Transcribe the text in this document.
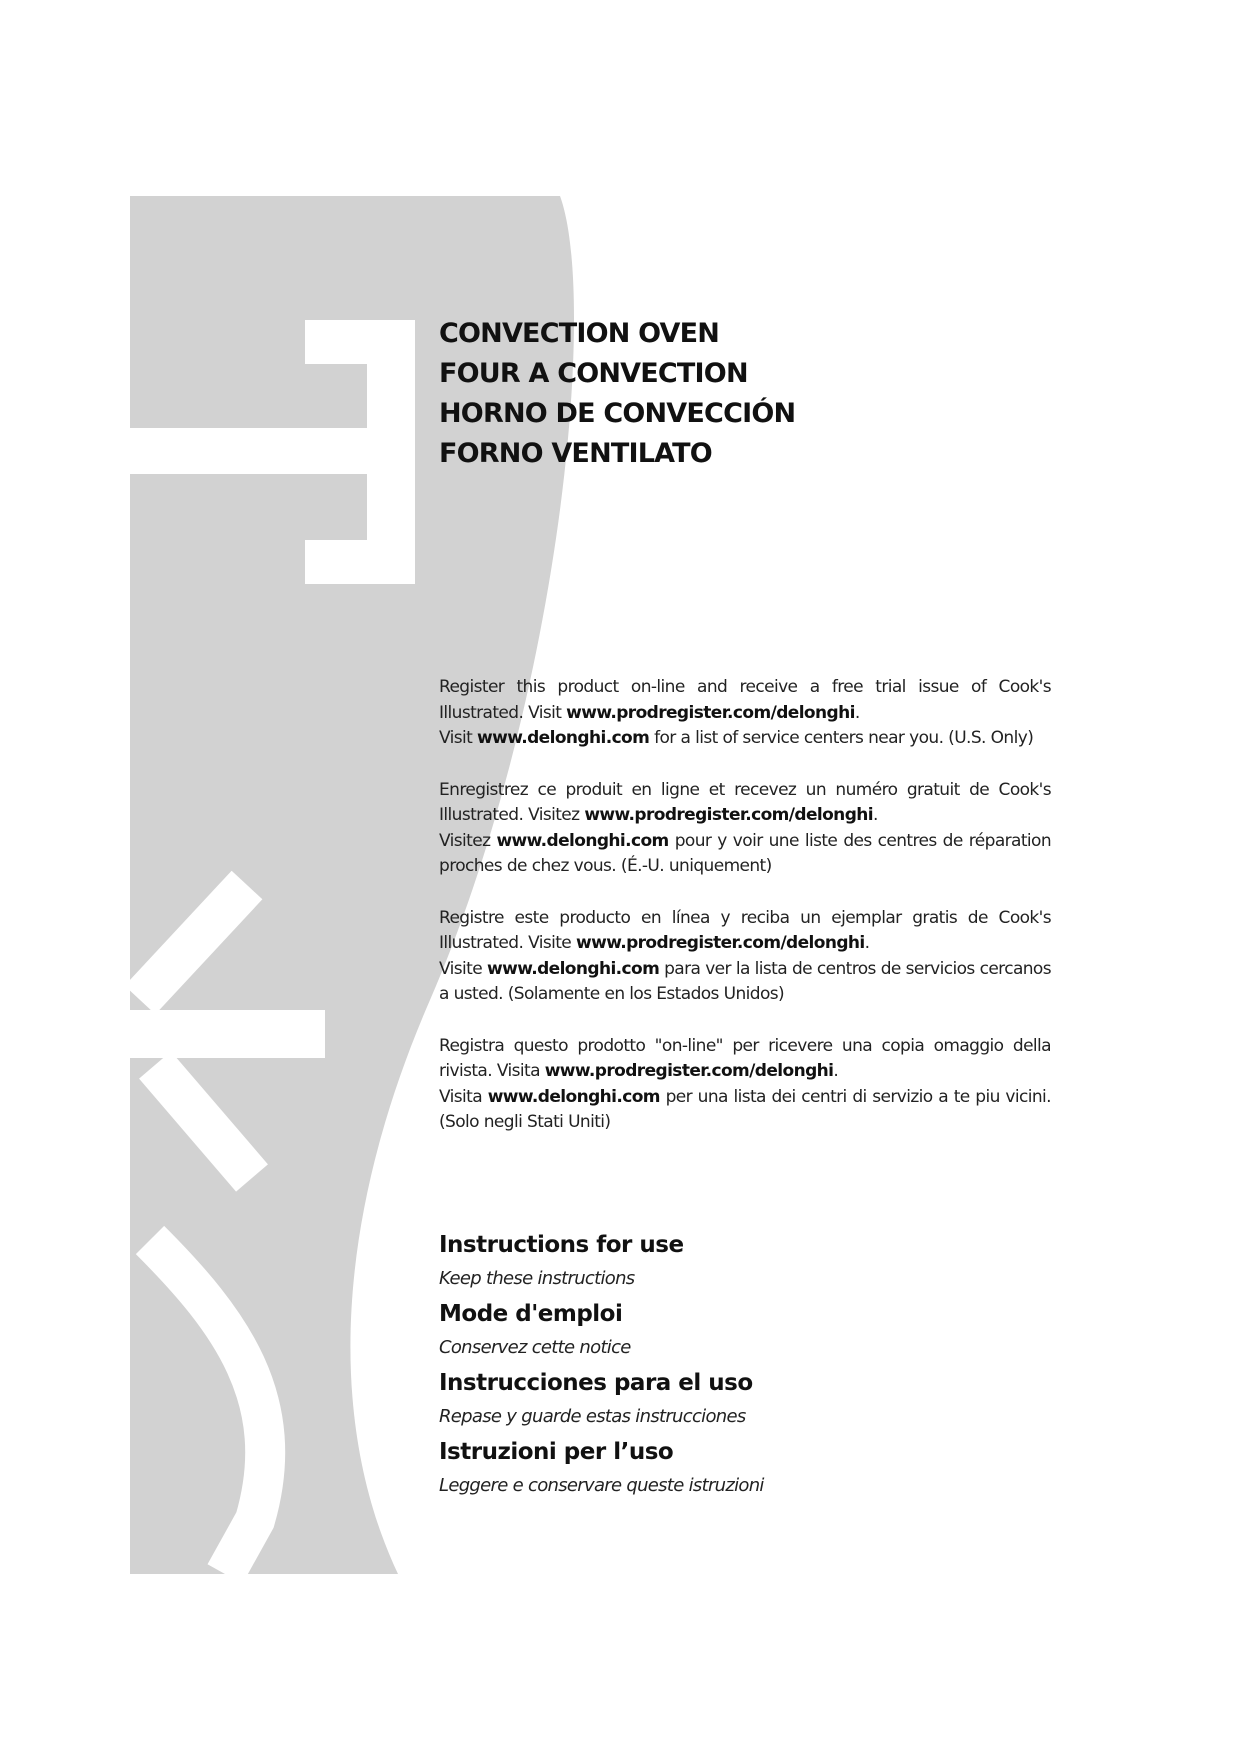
CONVECTION OVEN
FOUR A CONVECTION
HORNO DE CONVECCIÓN
FORNO VENTILATO

Register this product on-line and receive a free trial issue of Cook's
Illustrated. Visit www.prodregister.com/delonghi.
Visit www.delonghi.com for a list of service centers near you. (U.S. Only)

Enregistrez ce produit en ligne et recevez un numéro gratuit de Cook's
Illustrated. Visitez www.prodregister.com/delonghi.
Visitez www.delonghi.com pour y voir une liste des centres de réparation
proches de chez vous. (É.-U. uniquement)

Registre este producto en línea y reciba un ejemplar gratis de Cook's
Illustrated. Visite www.prodregister.com/delonghi.
Visite www.delonghi.com para ver la lista de centros de servicios cercanos
a usted. (Solamente en los Estados Unidos)

Registra questo prodotto "on-line" per ricevere una copia omaggio della
rivista. Visita www.prodregister.com/delonghi.
Visita www.delonghi.com per una lista dei centri di servizio a te piu vicini.
(Solo negli Stati Uniti)

Instructions for use
Keep these instructions
Mode d'emploi
Conservez cette notice
Instrucciones para el uso
Repase y guarde estas instrucciones
Istruzioni per l’uso
Leggere e conservare queste istruzioni
